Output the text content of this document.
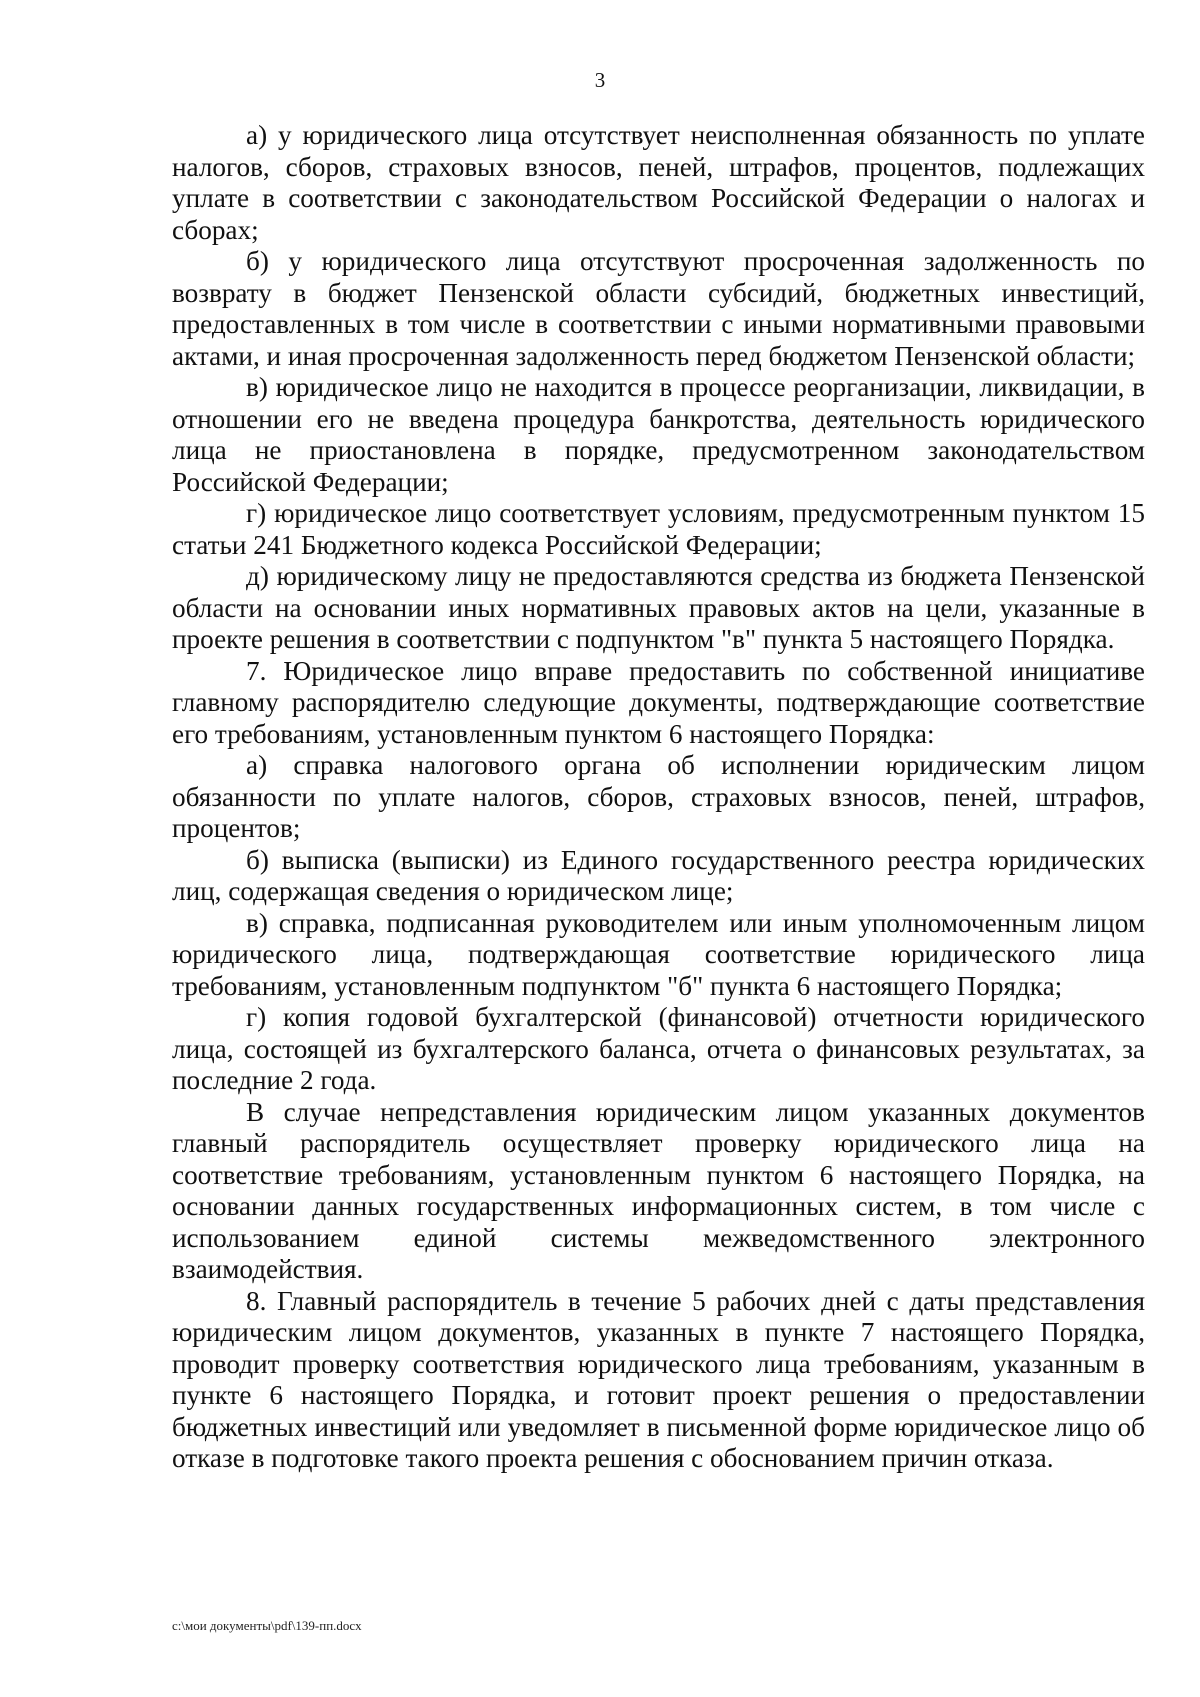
3

а) у юридического лица отсутствует неисполненная обязанность по уплате налогов, сборов, страховых взносов, пеней, штрафов, процентов, подлежащих уплате в соответствии с законодательством Российской Федерации о налогах и сборах;

б) у юридического лица отсутствуют просроченная задолженность по возврату в бюджет Пензенской области субсидий, бюджетных инвестиций, предоставленных в том числе в соответствии с иными нормативными правовыми актами, и иная просроченная задолженность перед бюджетом Пензенской области;

в) юридическое лицо не находится в процессе реорганизации, ликвидации, в отношении его не введена процедура банкротства, деятельность юридического лица не приостановлена в порядке, предусмотренном законодательством Российской Федерации;

г) юридическое лицо соответствует условиям, предусмотренным пунктом 15 статьи 241 Бюджетного кодекса Российской Федерации;

д) юридическому лицу не предоставляются средства из бюджета Пензенской области на основании иных нормативных правовых актов на цели, указанные в проекте решения в соответствии с подпунктом "в" пункта 5 настоящего Порядка.

7. Юридическое лицо вправе предоставить по собственной инициативе главному распорядителю следующие документы, подтверждающие соответствие его требованиям, установленным пунктом 6 настоящего Порядка:

а) справка налогового органа об исполнении юридическим лицом обязанности по уплате налогов, сборов, страховых взносов, пеней, штрафов, процентов;

б) выписка (выписки) из Единого государственного реестра юридических лиц, содержащая сведения о юридическом лице;

в) справка, подписанная руководителем или иным уполномоченным лицом юридического лица, подтверждающая соответствие юридического лица требованиям, установленным подпунктом "б" пункта 6 настоящего Порядка;

г) копия годовой бухгалтерской (финансовой) отчетности юридического лица, состоящей из бухгалтерского баланса, отчета о финансовых результатах, за последние 2 года.

В случае непредставления юридическим лицом указанных документов главный распорядитель осуществляет проверку юридического лица на соответствие требованиям, установленным пунктом 6 настоящего Порядка, на основании данных государственных информационных систем, в том числе с использованием единой системы межведомственного электронного взаимодействия.

8. Главный распорядитель в течение 5 рабочих дней с даты представления юридическим лицом документов, указанных в пункте 7 настоящего Порядка, проводит проверку соответствия юридического лица требованиям, указанным в пункте 6 настоящего Порядка, и готовит проект решения о предоставлении бюджетных инвестиций или уведомляет в письменной форме юридическое лицо об отказе в подготовке такого проекта решения с обоснованием причин отказа.

c:\мои документы\pdf\139-пп.docx
